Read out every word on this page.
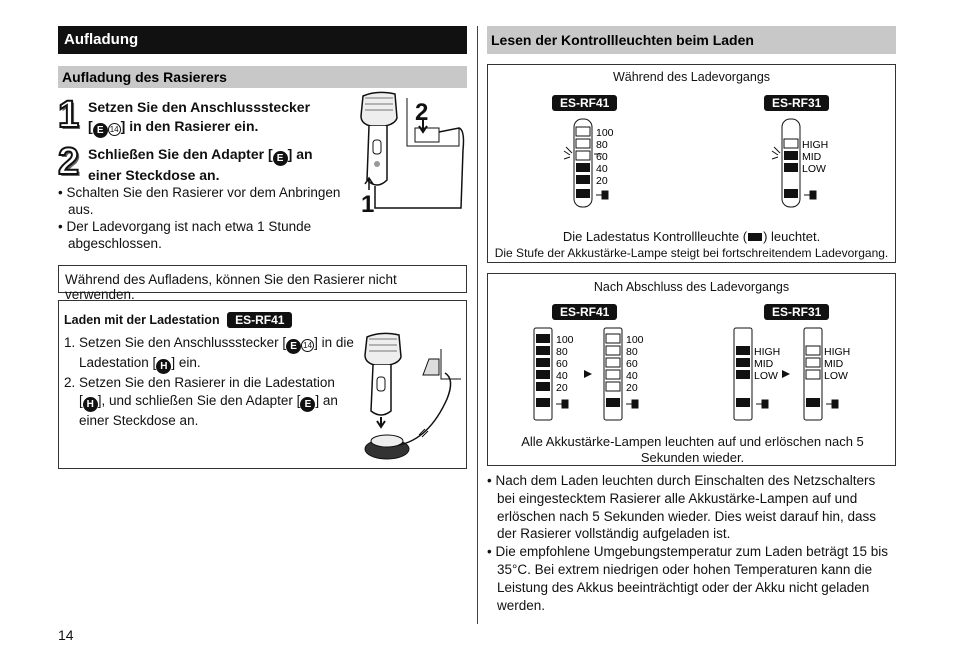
Aufladung
Aufladung des Rasierers
1 Setzen Sie den Anschlussstecker
[ E 14 ] in den Rasierer ein.
2 Schließen Sie den Adapter [ E ] an
einer Steckdose an.
• Schalten Sie den Rasierer vor dem Anbringen aus.
• Der Ladevorgang ist nach etwa 1 Stunde abgeschlossen.
2
1
Während des Aufladens, können Sie den Rasierer nicht verwenden.
Laden mit der Ladestation ES-RF41
1. Setzen Sie den Anschlussstecker [ E 14 ] in die
Ladestation [ H ] ein.
2. Setzen Sie den Rasierer in die Ladestation
[ H ], und schließen Sie den Adapter [ E ] an
einer Steckdose an.
14
Lesen der Kontrollleuchten beim Laden
Während des Ladevorgangs
ES-RF41	ES-RF31
100
80
60
40
20
HIGH
MID
LOW
Die Ladestatus Kontrollleuchte ( ) leuchtet.
Die Stufe der Akkustärke-Lampe steigt bei fortschreitendem Ladevorgang.
Nach Abschluss des Ladevorgangs
ES-RF41	ES-RF31
100
80
60
40
20
100
80
60
40
20
HIGH
MID
LOW
HIGH
MID
LOW
Alle Akkustärke-Lampen leuchten auf und erlöschen nach 5 Sekunden wieder.
• Nach dem Laden leuchten durch Einschalten des Netzschalters bei eingestecktem Rasierer alle Akkustärke-Lampen auf und erlöschen nach 5 Sekunden wieder. Dies weist darauf hin, dass der Rasierer vollständig aufgeladen ist.
• Die empfohlene Umgebungstemperatur zum Laden beträgt 15 bis 35°C. Bei extrem niedrigen oder hohen Temperaturen kann die Leistung des Akkus beeinträchtigt oder der Akku nicht geladen werden.
